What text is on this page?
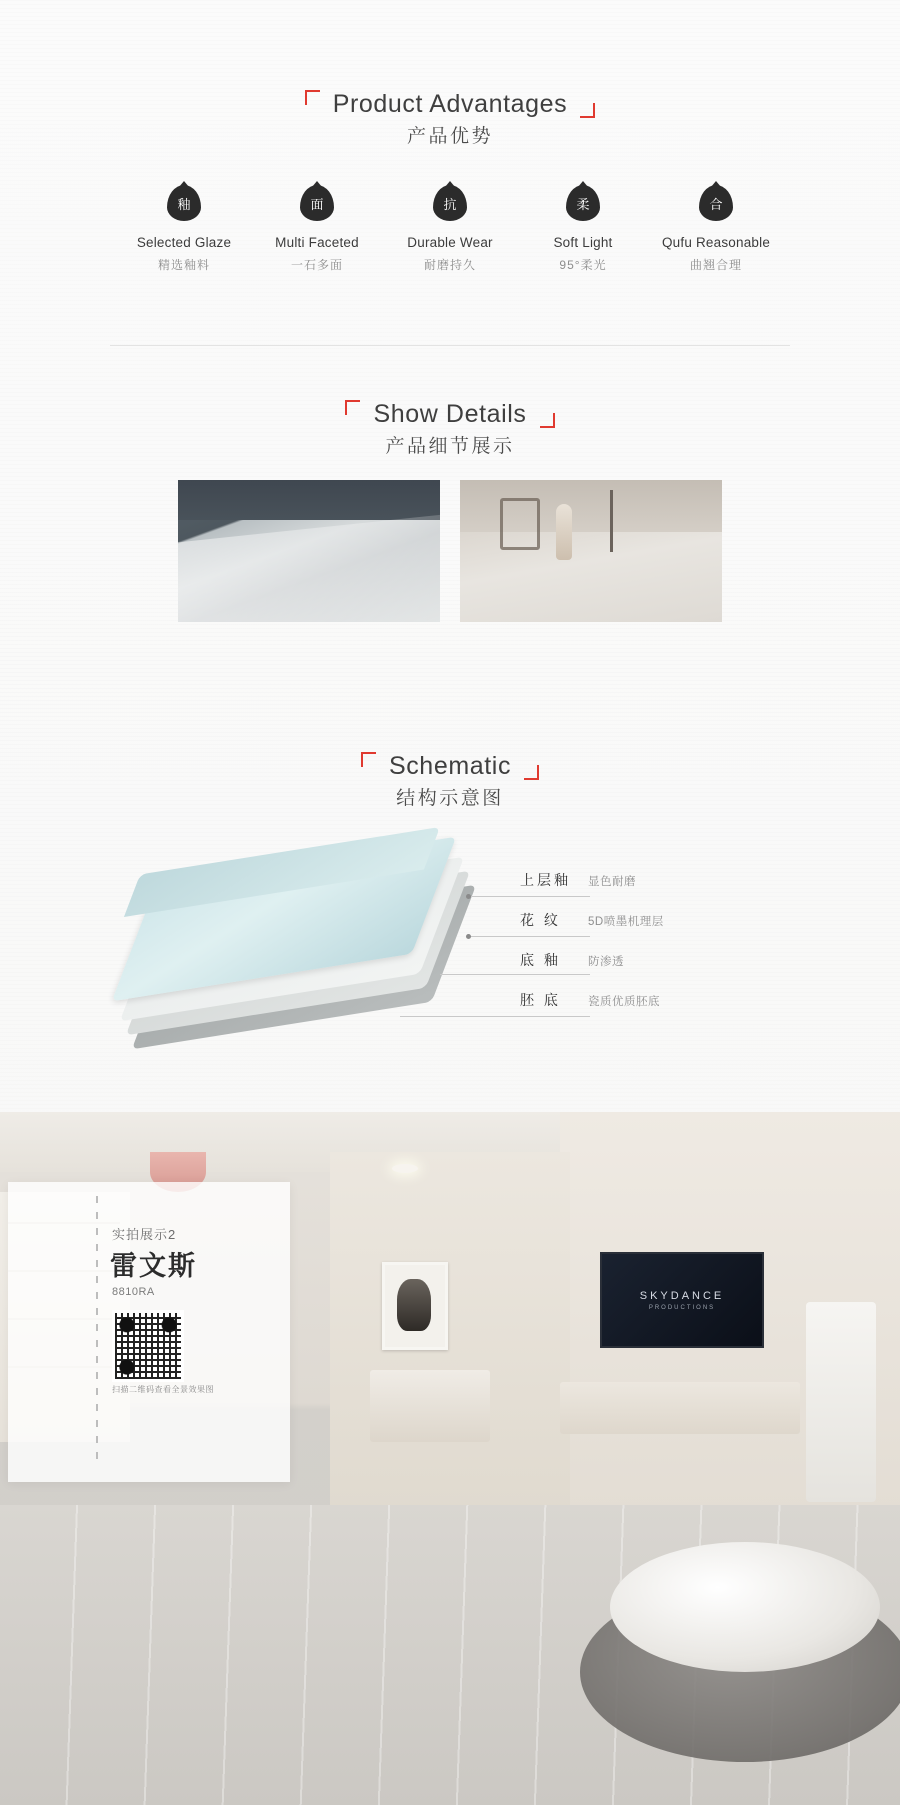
Product Advantages
产品优势
釉
Selected Glaze
精选釉料
面
Multi Faceted
一石多面
抗
Durable Wear
耐磨持久
柔
Soft Light
95°柔光
合
Qufu Reasonable
曲翘合理
Show Details
产品细节展示
Schematic
结构示意图
上层釉	显色耐磨
花 纹	5D喷墨机理层
底 釉	防渗透
胚 底	瓷质优质胚底
SKYDANCE
PRODUCTIONS
实拍展示2
雷文斯
8810RA
扫描二维码查看全景效果图
